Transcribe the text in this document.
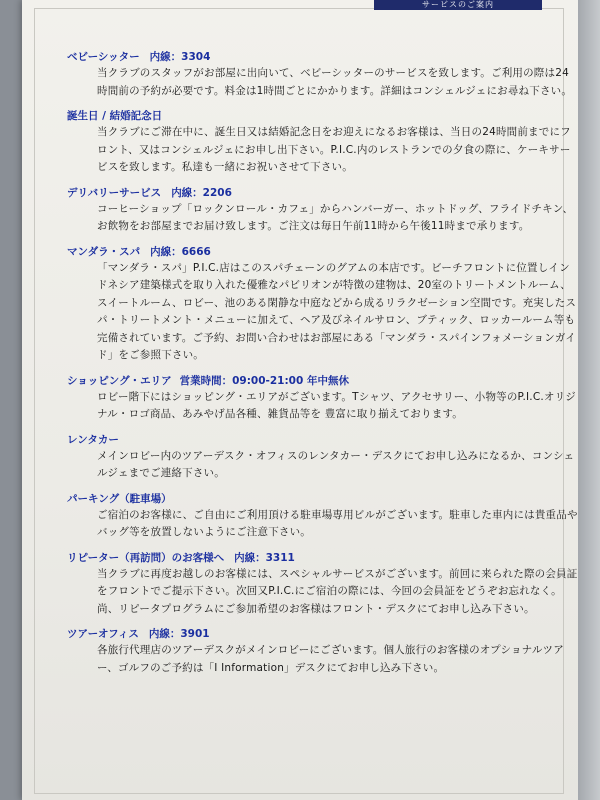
サービスのご案内
ベビーシッター 内線：3304
当クラブのスタッフがお部屋に出向いて、ベビーシッターのサービスを致します。ご利用の際は24時間前の予約が必要です。料金は1時間ごとにかかります。詳細はコンシェルジェにお尋ね下さい。
誕生日 / 結婚記念日
当クラブにご滞在中に、誕生日又は結婚記念日をお迎えになるお客様は、当日の24時間前までにフロント、又はコンシェルジェにお申し出下さい。P.I.C.内のレストランでの夕食の際に、ケーキサービスを致します。私達も一緒にお祝いさせて下さい。
デリバリーサービス 内線：2206
コーヒーショップ「ロックンロール・カフェ」からハンバーガー、ホットドッグ、フライドチキン、お飲物をお部屋までお届け致します。ご注文は毎日午前11時から午後11時まで承ります。
マンダラ・スパ 内線：6666
「マンダラ・スパ」P.I.C.店はこのスパチェーンのグアムの本店です。ビーチフロントに位置しインドネシア建築様式を取り入れた優雅なパビリオンが特徴の建物は、20室のトリートメントルーム、スイートルーム、ロビー、池のある閑静な中庭などから成るリラクゼーション空間です。充実したスパ・トリートメント・メニューに加えて、ヘア及びネイルサロン、ブティック、ロッカールーム等も完備されています。ご予約、お問い合わせはお部屋にある「マンダラ・スパインフォメーションガイド」をご参照下さい。
ショッピング・エリア 営業時間：09:00-21:00 年中無休
ロビー階下にはショッピング・エリアがございます。Tシャツ、アクセサリー、小物等のP.I.C.オリジナル・ロゴ商品、あみやげ品各種、雑貨品等を 豊富に取り揃えております。
レンタカー
メインロビー内のツアーデスク・オフィスのレンタカー・デスクにてお申し込みになるか、コンシェルジェまでご連絡下さい。
パーキング（駐車場）
ご宿泊のお客様に、ご自由にご利用頂ける駐車場専用ビルがございます。駐車した車内には貴重品やバッグ等を放置しないようにご注意下さい。
リピーター（再訪問）のお客様へ 内線：3311
当クラブに再度お越しのお客様には、スペシャルサービスがございます。前回に来られた際の会員証をフロントでご提示下さい。次回又P.I.C.にご宿泊の際には、今回の会員証をどうぞお忘れなく。尚、リピータプログラムにご参加希望のお客様はフロント・デスクにてお申し込み下さい。
ツアーオフィス 内線：3901
各旅行代理店のツアーデスクがメインロビーにございます。個人旅行のお客様のオプショナルツアー、ゴルフのご予約は「I Information」デスクにてお申し込み下さい。
